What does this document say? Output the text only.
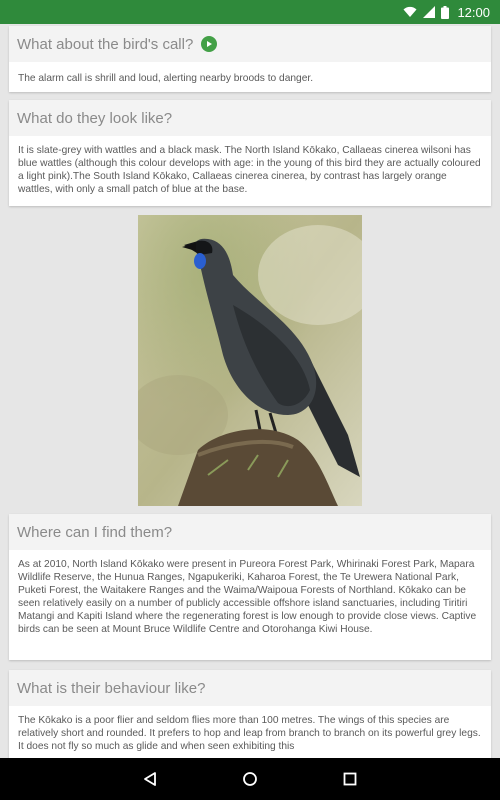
12:00
What about the bird's call?
The alarm call is shrill and loud, alerting nearby broods to danger.
What do they look like?
It is slate-grey with wattles and a black mask. The North Island Kōkako, Callaeas cinerea wilsoni has blue wattles (although this colour develops with age: in the young of this bird they are actually coloured a light pink).The South Island Kōkako, Callaeas cinerea cinerea, by contrast has largely orange wattles, with only a small patch of blue at the base.
Where can I find them?
As at 2010, North Island Kōkako were present in Pureora Forest Park, Whirinaki Forest Park, Mapara Wildlife Reserve, the Hunua Ranges, Ngapukeriki, Kaharoa Forest, the Te Urewera National Park, Puketi Forest, the Waitakere Ranges and the Waima/Waipoua Forests of Northland. Kōkako can be seen relatively easily on a number of publicly accessible offshore island sanctuaries, including Tiritiri Matangi and Kapiti Island where the regenerating forest is low enough to provide close views. Captive birds can be seen at Mount Bruce Wildlife Centre and Otorohanga Kiwi House.
What is their behaviour like?
The Kōkako is a poor flier and seldom flies more than 100 metres. The wings of this species are relatively short and rounded. It prefers to hop and leap from branch to branch on its powerful grey legs. It does not fly so much as glide and when seen exhibiting this
